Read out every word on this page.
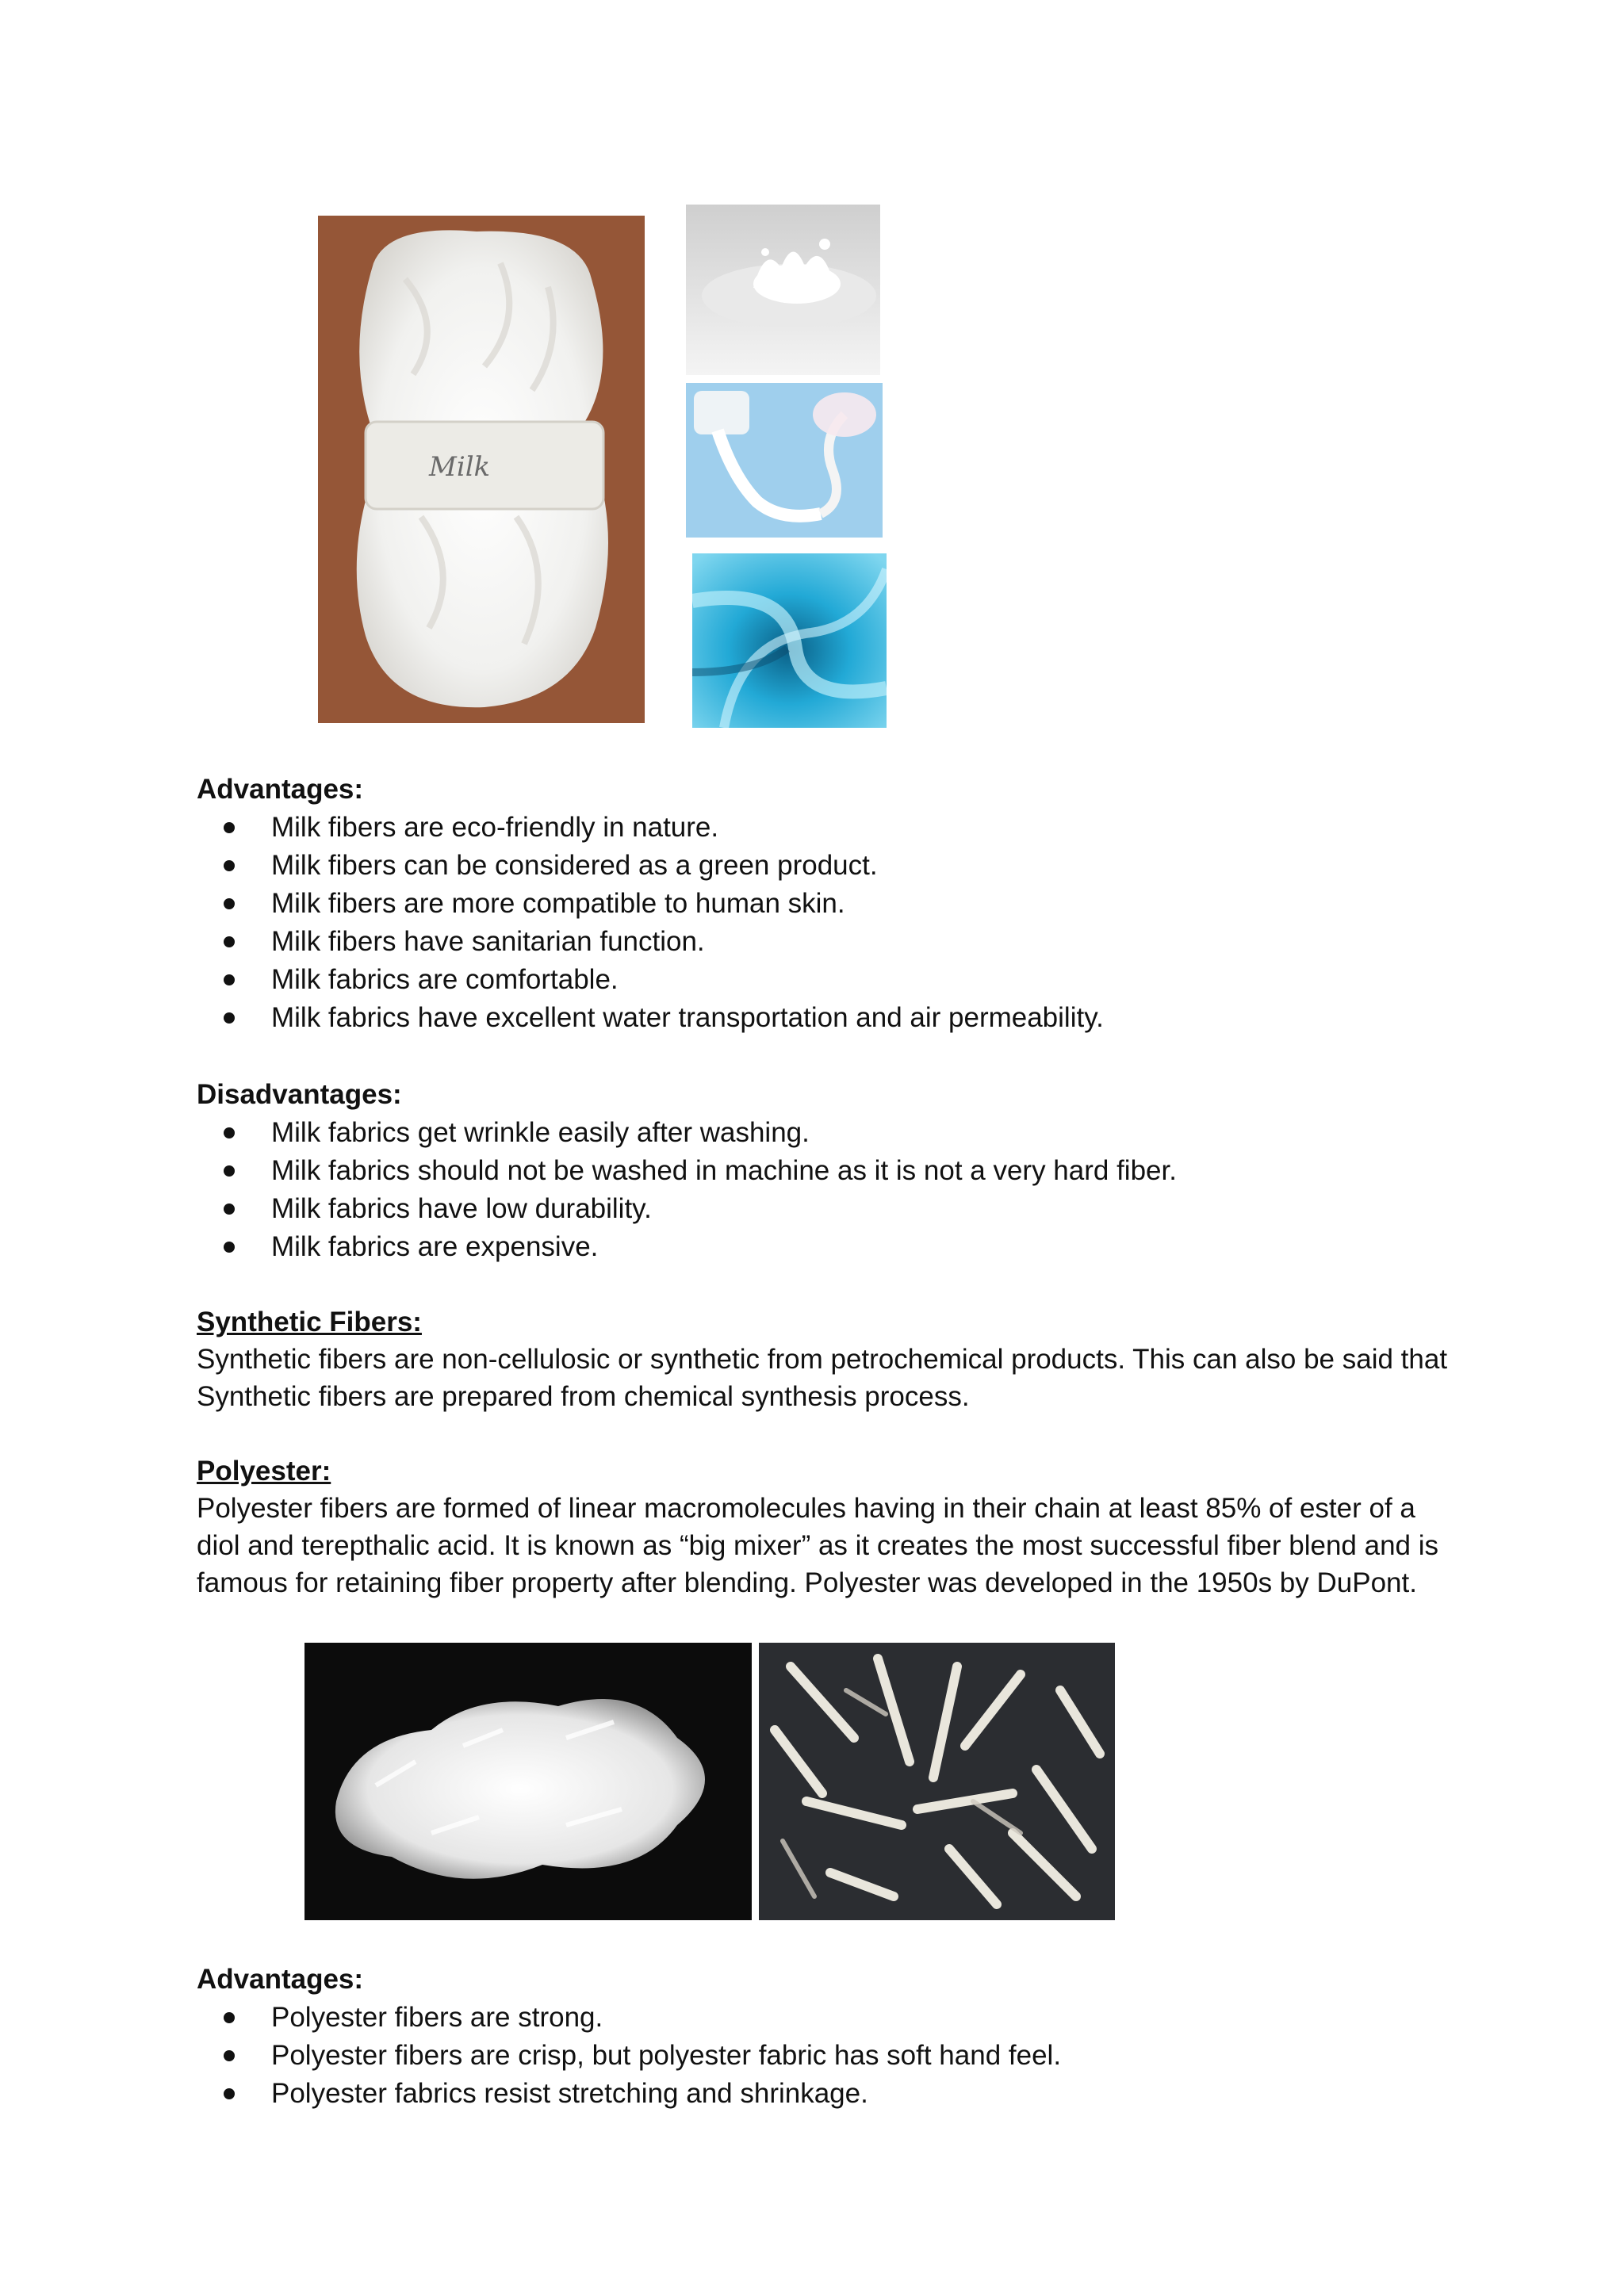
Milk
Advantages:
Milk fibers are eco-friendly in nature.
Milk fibers can be considered as a green product.
Milk fibers are more compatible to human skin.
Milk fibers have sanitarian function.
Milk fabrics are comfortable.
Milk fabrics have excellent water transportation and air permeability.
Disadvantages:
Milk fabrics get wrinkle easily after washing.
Milk fabrics should not be washed in machine as it is not a very hard fiber.
Milk fabrics have low durability.
Milk fabrics are expensive.
Synthetic Fibers:

Synthetic fibers are non-cellulosic or synthetic from petrochemical products. This can also be said that Synthetic fibers are prepared from chemical synthesis process.

Polyester:

Polyester fibers are formed of linear macromolecules having in their chain at least 85% of ester of a diol and terepthalic acid. It is known as “big mixer” as it creates the most successful fiber blend and is famous for retaining fiber property after blending. Polyester was developed in the 1950s by DuPont.

Advantages:
Polyester fibers are strong.
Polyester fibers are crisp, but polyester fabric has soft hand feel.
Polyester fabrics resist stretching and shrinkage.
